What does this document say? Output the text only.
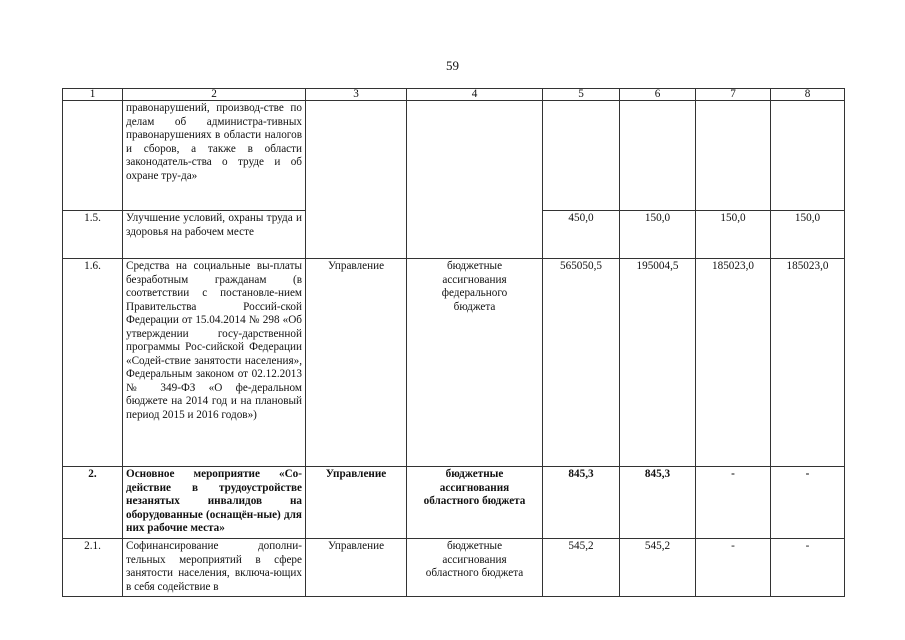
59
1	2	3	4	5	6	7	8
	правонарушений, производ-стве по делам об администра-тивных правонарушениях в области налогов и сборов, а также в области законодатель-ства о труде и об охране тру-да»						
1.5.	Улучшение условий, охраны труда и здоровья на рабочем месте			450,0	150,0	150,0	150,0
1.6.	Средства на социальные вы-платы безработным гражданам (в соответствии с постановле-нием Правительства Россий-ской Федерации от 15.04.2014 № 298 «Об утверждении госу-дарственной программы Рос-сийской Федерации «Содей-ствие занятости населения», Федеральным законом от 02.12.2013 № 349-ФЗ «О фе-деральном бюджете на 2014 год и на плановый период 2015 и 2016 годов»)	Управление	бюджетные ассигнования федерального бюджета	565050,5	195004,5	185023,0	185023,0
2.	Основное мероприятие «Со-действие в трудоустройстве незанятых инвалидов на оборудованные (оснащён-ные) для них рабочие места»	Управление	бюджетные ассигнования областного бюджета	845,3	845,3	-	-
2.1.	Софинансирование дополни-тельных мероприятий в сфере занятости населения, включа-ющих в себя содействие в	Управление	бюджетные ассигнования областного бюджета	545,2	545,2	-	-
